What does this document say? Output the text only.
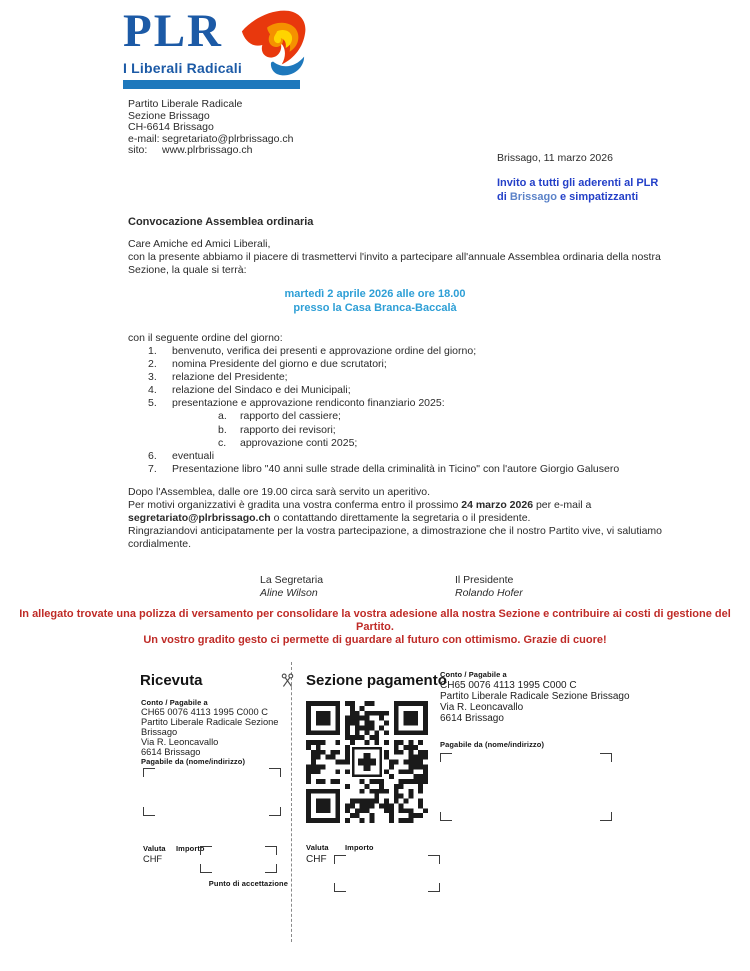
PLR
I Liberali Radicali
Partito Liberale Radicale
Sezione Brissago
CH-6614 Brissago
e-mail: segretariato@plrbrissago.ch
sito: www.plrbrissago.ch
Brissago, 11 marzo 2026
Invito a tutti gli aderenti al PLR
di Brissago e simpatizzanti
Convocazione Assemblea ordinaria
Care Amiche ed Amici Liberali,
con la presente abbiamo il piacere di trasmettervi l'invito a partecipare all'annuale Assemblea ordinaria della nostra Sezione, la quale si terrà:
martedì 2 aprile 2026 alle ore 18.00
presso la Casa Branca-Baccalà
con il seguente ordine del giorno:
1.	benvenuto, verifica dei presenti e approvazione ordine del giorno;
2.	nomina Presidente del giorno e due scrutatori;
3.	relazione del Presidente;
4.	relazione del Sindaco e dei Municipali;
5.	presentazione e approvazione rendiconto finanziario 2025:
a.	rapporto del cassiere;
b.	rapporto dei revisori;
c.	approvazione conti 2025;
6.	eventuali
7.	Presentazione libro "40 anni sulle strade della criminalità in Ticino" con l'autore Giorgio Galusero

Dopo l'Assemblea, dalle ore 19.00 circa sarà servito un aperitivo.

Per motivi organizzativi è gradita una vostra conferma entro il prossimo 24 marzo 2026 per e-mail a segretariato@plrbrissago.ch o contattando direttamente la segretaria o il presidente.

Ringraziandovi anticipatamente per la vostra partecipazione, a dimostrazione che il nostro Partito vive, vi salutiamo cordialmente.

La Segretaria
Aline Wilson
Il Presidente
Rolando Hofer
In allegato trovate una polizza di versamento per consolidare la vostra adesione alla nostra Sezione e contribuire ai costi di gestione del Partito.
Un vostro gradito gesto ci permette di guardare al futuro con ottimismo. Grazie di cuore!
Ricevuta
Conto / Pagabile a
CH65 0076 4113 1995 C000 C
Partito Liberale Radicale Sezione Brissago
Via R. Leoncavallo
6614 Brissago
Pagabile da (nome/indirizzo)
Valuta Importo
CHF
Punto di accettazione
Sezione pagamento
Valuta Importo
CHF
Conto / Pagabile a
CH65 0076 4113 1995 C000 C
Partito Liberale Radicale Sezione Brissago
Via R. Leoncavallo
6614 Brissago
Pagabile da (nome/indirizzo)
